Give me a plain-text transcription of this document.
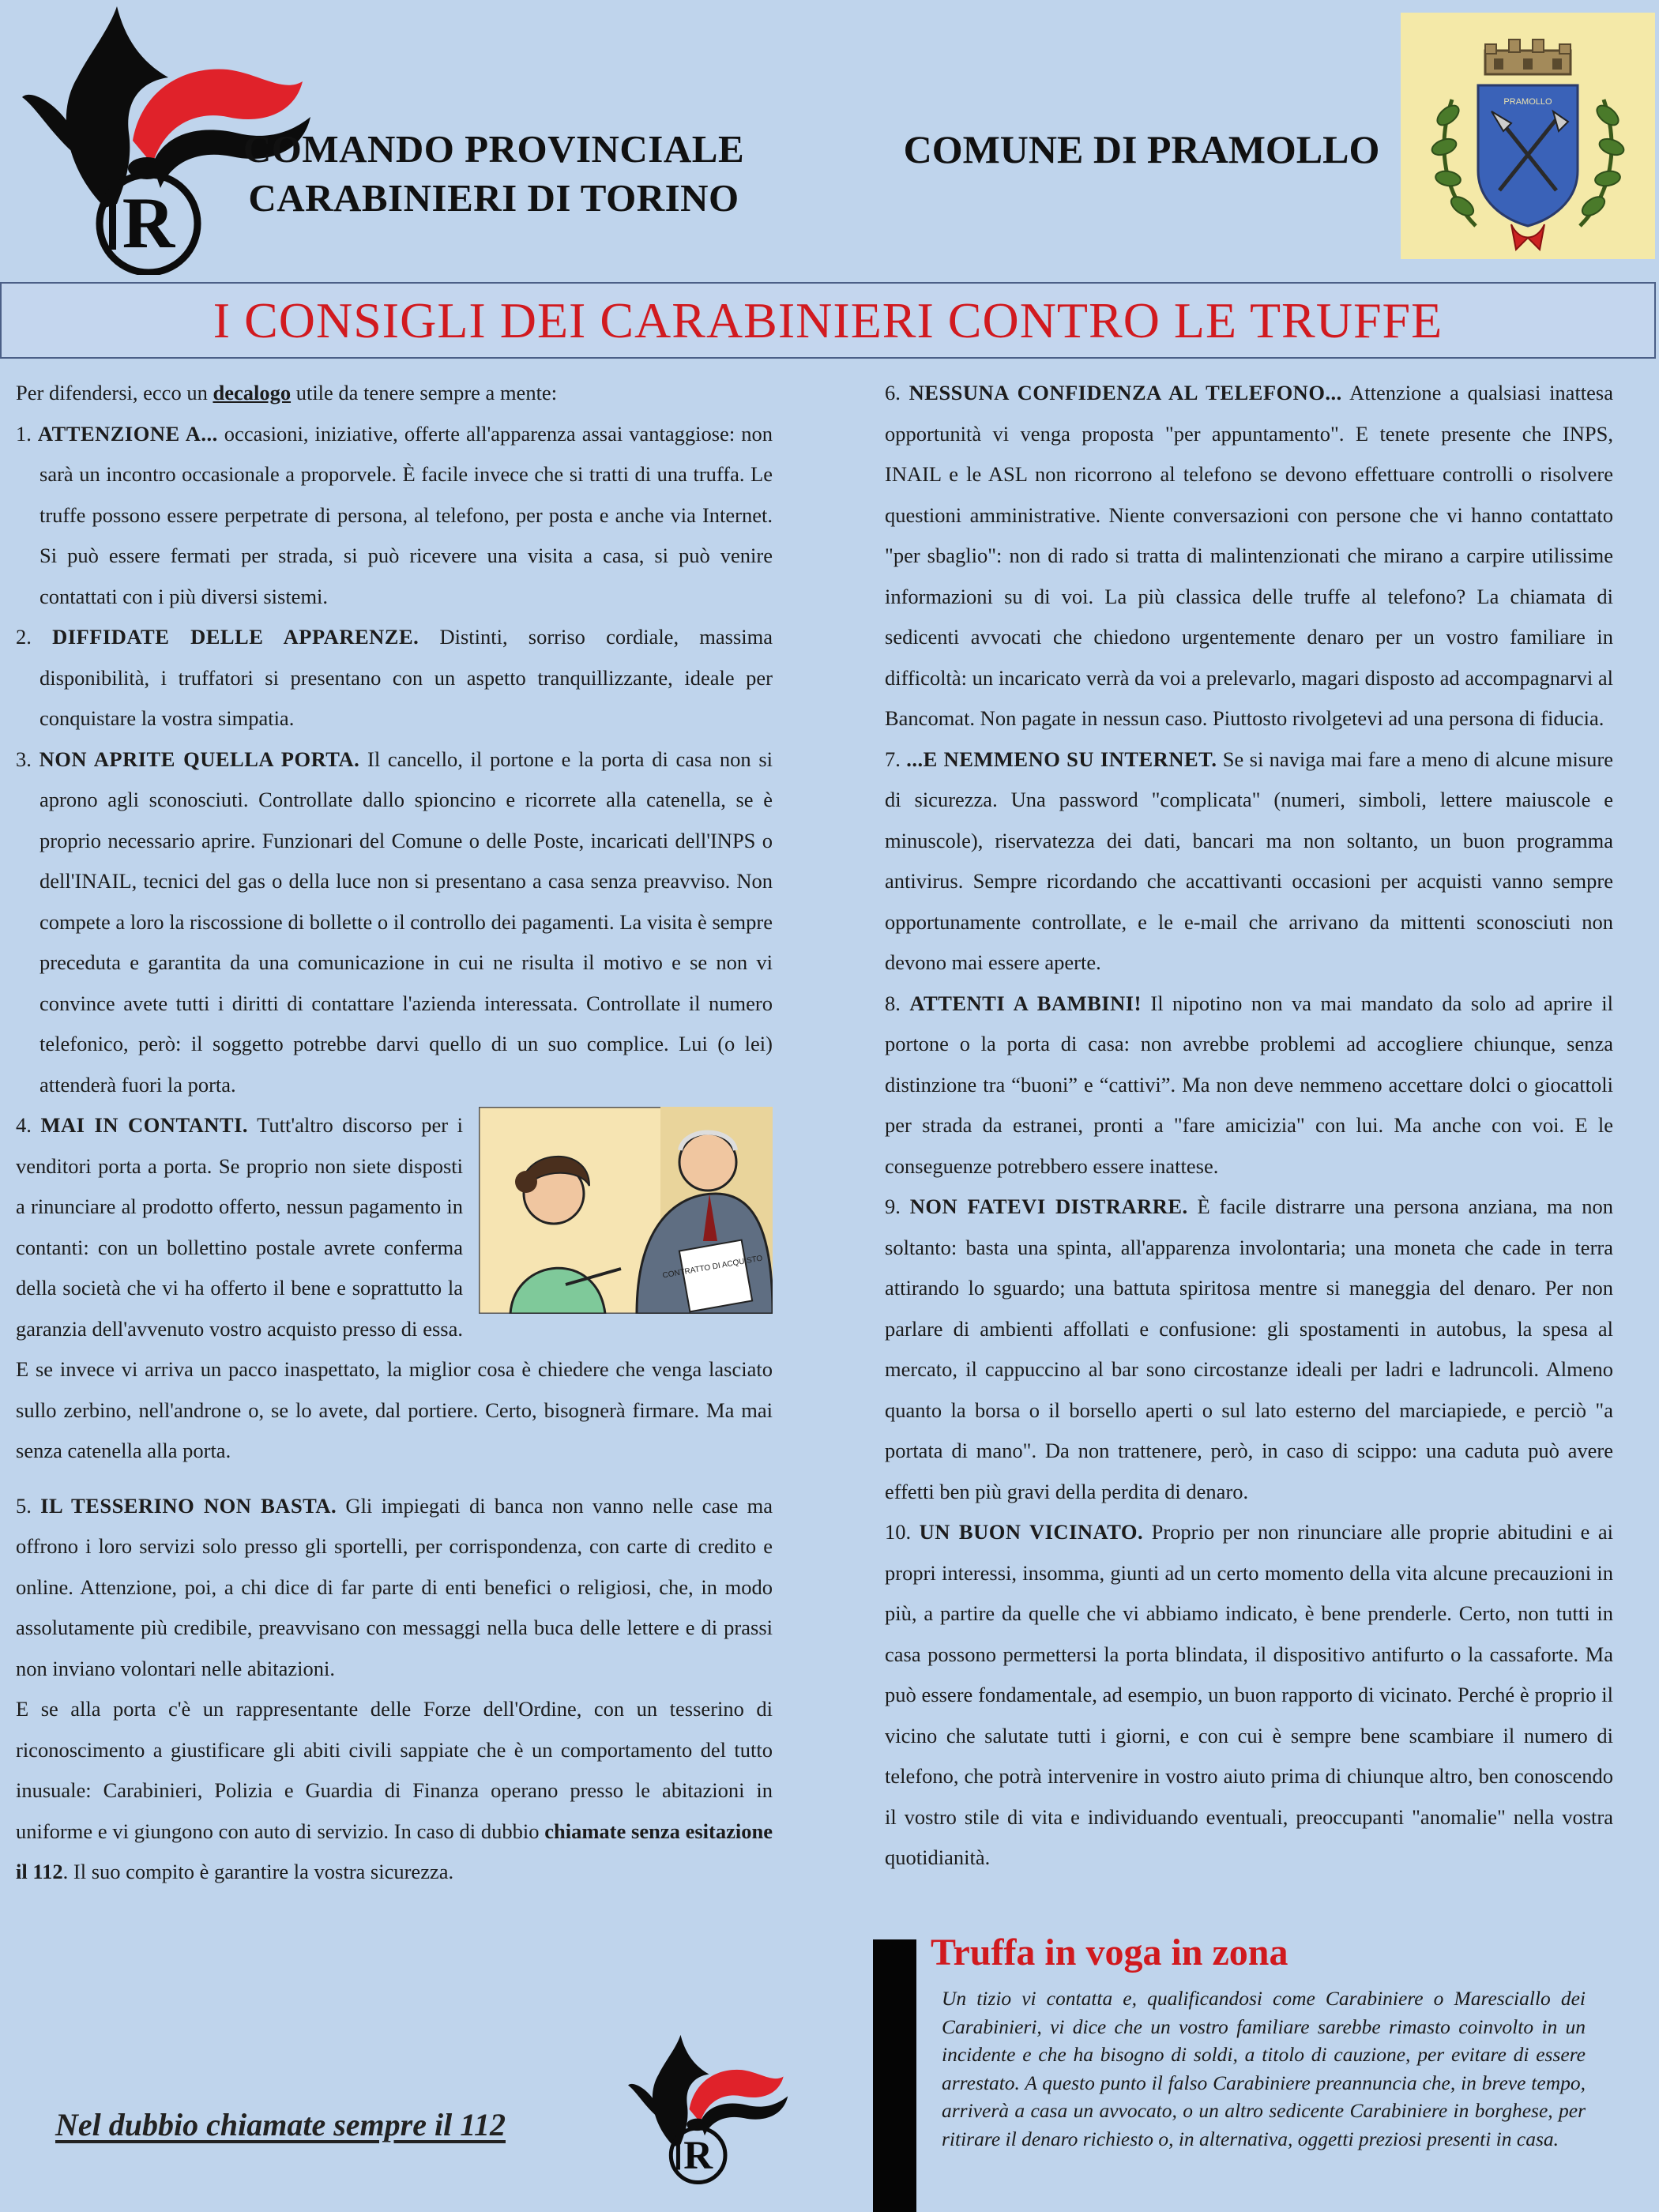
R
COMANDO PROVINCIALE
CARABINIERI DI TORINO
COMUNE DI PRAMOLLO
PRAMOLLO
I CONSIGLI DEI CARABINIERI CONTRO LE TRUFFE

Per difendersi, ecco un decalogo utile da tenere sempre a mente:

1. ATTENZIONE A... occasioni, iniziative, offerte all'apparenza assai vantaggiose: non sarà un incontro occasionale a proporvele. È facile invece che si tratti di una truffa. Le truffe possono essere perpetrate di persona, al telefono, per posta e anche via Internet. Si può essere fermati per strada, si può ricevere una visita a casa, si può venire contattati con i più diversi sistemi.

2. DIFFIDATE DELLE APPARENZE. Distinti, sorriso cordiale, massima disponibilità, i truffatori si presentano con un aspetto tranquillizzante, ideale per conquistare la vostra simpatia.

3. NON APRITE QUELLA PORTA. Il cancello, il portone e la porta di casa non si aprono agli sconosciuti. Controllate dallo spioncino e ricorrete alla catenella, se è proprio necessario aprire. Funzionari del Comune o delle Poste, incaricati dell'INPS o dell'INAIL, tecnici del gas o della luce non si presentano a casa senza preavviso. Non compete a loro la riscossione di bollette o il controllo dei pagamenti. La visita è sempre preceduta e garantita da una comunicazione in cui ne risulta il motivo e se non vi convince avete tutti i diritti di contattare l'azienda interessata. Controllate il numero telefonico, però: il soggetto potrebbe darvi quello di un suo complice. Lui (o lei) attenderà fuori la porta.

CONTRATTO DI ACQUISTO
4. MAI IN CONTANTI. Tutt'altro discorso per i venditori porta a porta. Se proprio non siete disposti a rinunciare al prodotto offerto, nessun pagamento in contanti: con un bollettino postale avrete conferma della società che vi ha offerto il bene e soprattutto la garanzia dell'avvenuto vostro acquisto presso di essa. E se invece vi arriva un pacco inaspettato, la miglior cosa è chiedere che venga lasciato sullo zerbino, nell'androne o, se lo avete, dal portiere. Certo, bisognerà firmare. Ma mai senza catenella alla porta.

5. IL TESSERINO NON BASTA. Gli impiegati di banca non vanno nelle case ma offrono i loro servizi solo presso gli sportelli, per corrispondenza, con carte di credito e online. Attenzione, poi, a chi dice di far parte di enti benefici o religiosi, che, in modo assolutamente più credibile, preavvisano con messaggi nella buca delle lettere e di prassi non inviano volontari nelle abitazioni.

E se alla porta c'è un rappresentante delle Forze dell'Ordine, con un tesserino di riconoscimento a giustificare gli abiti civili sappiate che è un comportamento del tutto inusuale: Carabinieri, Polizia e Guardia di Finanza operano presso le abitazioni in uniforme e vi giungono con auto di servizio. In caso di dubbio chiamate senza esitazione il 112. Il suo compito è garantire la vostra sicurezza.

6. NESSUNA CONFIDENZA AL TELEFONO... Attenzione a qualsiasi inattesa opportunità vi venga proposta "per appuntamento". E tenete presente che INPS, INAIL e le ASL non ricorrono al telefono se devono effettuare controlli o risolvere questioni amministrative. Niente conversazioni con persone che vi hanno contattato "per sbaglio": non di rado si tratta di malintenzionati che mirano a carpire utilissime informazioni su di voi. La più classica delle truffe al telefono? La chiamata di sedicenti avvocati che chiedono urgentemente denaro per un vostro familiare in difficoltà: un incaricato verrà da voi a prelevarlo, magari disposto ad accompagnarvi al Bancomat. Non pagate in nessun caso. Piuttosto rivolgetevi ad una persona di fiducia.

7. ...E NEMMENO SU INTERNET. Se si naviga mai fare a meno di alcune misure di sicurezza. Una password "complicata" (numeri, simboli, lettere maiuscole e minuscole), riservatezza dei dati, bancari ma non soltanto, un buon programma antivirus. Sempre ricordando che accattivanti occasioni per acquisti vanno sempre opportunamente controllate, e le e-mail che arrivano da mittenti sconosciuti non devono mai essere aperte.

8. ATTENTI A BAMBINI! Il nipotino non va mai mandato da solo ad aprire il portone o la porta di casa: non avrebbe problemi ad accogliere chiunque, senza distinzione tra “buoni” e “cattivi”. Ma non deve nemmeno accettare dolci o giocattoli per strada da estranei, pronti a "fare amicizia" con lui. Ma anche con voi. E le conseguenze potrebbero essere inattese.

9. NON FATEVI DISTRARRE. È facile distrarre una persona anziana, ma non soltanto: basta una spinta, all'apparenza involontaria; una moneta che cade in terra attirando lo sguardo; una battuta spiritosa mentre si maneggia del denaro. Per non parlare di ambienti affollati e confusione: gli spostamenti in autobus, la spesa al mercato, il cappuccino al bar sono circostanze ideali per ladri e ladruncoli. Almeno quanto la borsa o il borsello aperti o sul lato esterno del marciapiede, e perciò "a portata di mano". Da non trattenere, però, in caso di scippo: una caduta può avere effetti ben più gravi della perdita di denaro.

10. UN BUON VICINATO. Proprio per non rinunciare alle proprie abitudini e ai propri interessi, insomma, giunti ad un certo momento della vita alcune precauzioni in più, a partire da quelle che vi abbiamo indicato, è bene prenderle. Certo, non tutti in casa possono permettersi la porta blindata, il dispositivo antifurto o la cassaforte. Ma può essere fondamentale, ad esempio, un buon rapporto di vicinato. Perché è proprio il vicino che salutate tutti i giorni, e con cui è sempre bene scambiare il numero di telefono, che potrà intervenire in vostro aiuto prima di chiunque altro, ben conoscendo il vostro stile di vita e individuando eventuali, preoccupanti "anomalie" nella vostra quotidianità.

R
Nel dubbio chiamate sempre il 112
Truffa in voga in zona
Un tizio vi contatta e, qualificandosi come Carabiniere o Maresciallo dei Carabinieri, vi dice che un vostro familiare sarebbe rimasto coinvolto in un incidente e che ha bisogno di soldi, a titolo di cauzione, per evitare di essere arrestato. A questo punto il falso Carabiniere preannuncia che, in breve tempo, arriverà a casa un avvocato, o un altro sedicente Carabiniere in borghese, per ritirare il denaro richiesto o, in alternativa, oggetti preziosi presenti in casa.
